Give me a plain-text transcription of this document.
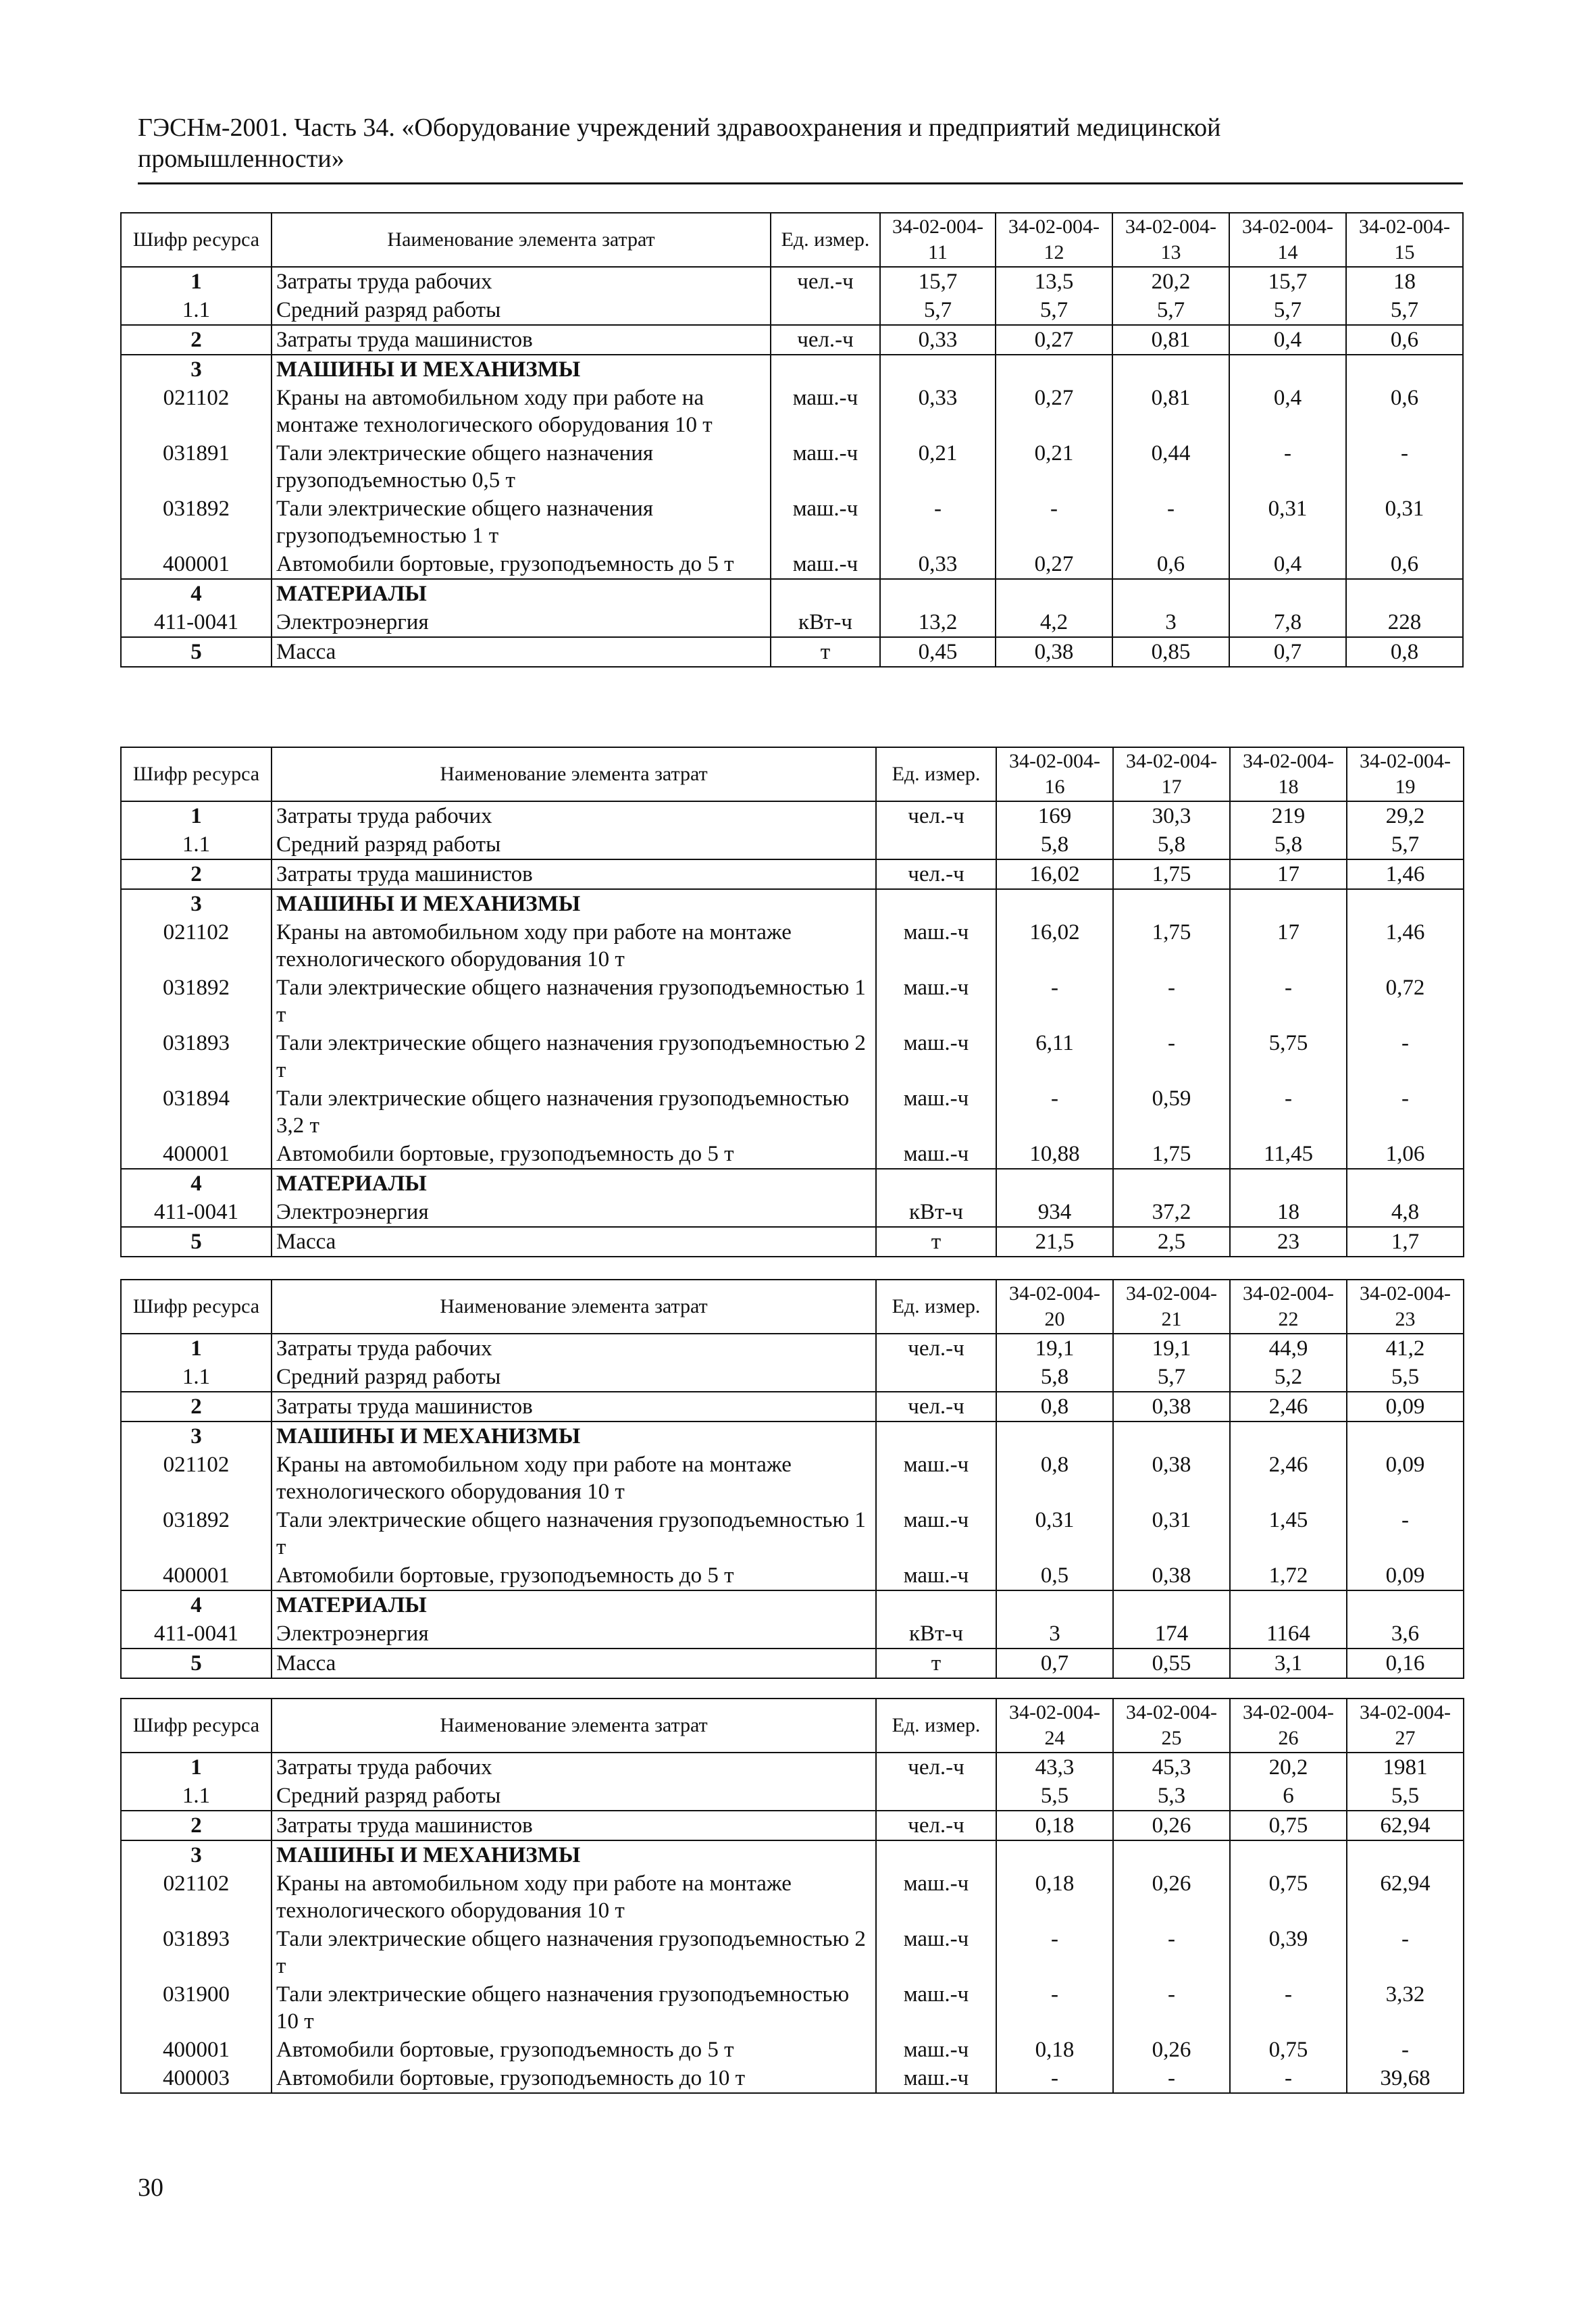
ГЭСНм-2001. Часть 34. «Оборудование учреждений здравоохранения и предприятий медицинской
промышленности»
Шифр ресурса	Наименование элемента затрат	Ед. измер.	34-02-004-11	34-02-004-12	34-02-004-13	34-02-004-14	34-02-004-15
1	Затраты труда рабочих	чел.-ч	15,7	13,5	20,2	15,7	18
1.1	Средний разряд работы		5,7	5,7	5,7	5,7	5,7
2	Затраты труда машинистов	чел.-ч	0,33	0,27	0,81	0,4	0,6
3	МАШИНЫ И МЕХАНИЗМЫ						
021102	Краны на автомобильном ходу при работе на монтаже технологического оборудования 10 т	маш.-ч	0,33	0,27	0,81	0,4	0,6
031891	Тали электрические общего назначения грузоподъемностью 0,5 т	маш.-ч	0,21	0,21	0,44	-	-
031892	Тали электрические общего назначения грузоподъемностью 1 т	маш.-ч	-	-	-	0,31	0,31
400001	Автомобили бортовые, грузоподъемность до 5 т	маш.-ч	0,33	0,27	0,6	0,4	0,6
4	МАТЕРИАЛЫ						
411-0041	Электроэнергия	кВт-ч	13,2	4,2	3	7,8	228
5	Масса	т	0,45	0,38	0,85	0,7	0,8
Шифр ресурса	Наименование элемента затрат	Ед. измер.	34-02-004-16	34-02-004-17	34-02-004-18	34-02-004-19
1	Затраты труда рабочих	чел.-ч	169	30,3	219	29,2
1.1	Средний разряд работы		5,8	5,8	5,8	5,7
2	Затраты труда машинистов	чел.-ч	16,02	1,75	17	1,46
3	МАШИНЫ И МЕХАНИЗМЫ					
021102	Краны на автомобильном ходу при работе на монтаже технологического оборудования 10 т	маш.-ч	16,02	1,75	17	1,46
031892	Тали электрические общего назначения грузоподъемностью 1 т	маш.-ч	-	-	-	0,72
031893	Тали электрические общего назначения грузоподъемностью 2 т	маш.-ч	6,11	-	5,75	-
031894	Тали электрические общего назначения грузоподъемностью 3,2 т	маш.-ч	-	0,59	-	-
400001	Автомобили бортовые, грузоподъемность до 5 т	маш.-ч	10,88	1,75	11,45	1,06
4	МАТЕРИАЛЫ					
411-0041	Электроэнергия	кВт-ч	934	37,2	18	4,8
5	Масса	т	21,5	2,5	23	1,7
Шифр ресурса	Наименование элемента затрат	Ед. измер.	34-02-004-20	34-02-004-21	34-02-004-22	34-02-004-23
1	Затраты труда рабочих	чел.-ч	19,1	19,1	44,9	41,2
1.1	Средний разряд работы		5,8	5,7	5,2	5,5
2	Затраты труда машинистов	чел.-ч	0,8	0,38	2,46	0,09
3	МАШИНЫ И МЕХАНИЗМЫ					
021102	Краны на автомобильном ходу при работе на монтаже технологического оборудования 10 т	маш.-ч	0,8	0,38	2,46	0,09
031892	Тали электрические общего назначения грузоподъемностью 1 т	маш.-ч	0,31	0,31	1,45	-
400001	Автомобили бортовые, грузоподъемность до 5 т	маш.-ч	0,5	0,38	1,72	0,09
4	МАТЕРИАЛЫ					
411-0041	Электроэнергия	кВт-ч	3	174	1164	3,6
5	Масса	т	0,7	0,55	3,1	0,16
Шифр ресурса	Наименование элемента затрат	Ед. измер.	34-02-004-24	34-02-004-25	34-02-004-26	34-02-004-27
1	Затраты труда рабочих	чел.-ч	43,3	45,3	20,2	1981
1.1	Средний разряд работы		5,5	5,3	6	5,5
2	Затраты труда машинистов	чел.-ч	0,18	0,26	0,75	62,94
3	МАШИНЫ И МЕХАНИЗМЫ					
021102	Краны на автомобильном ходу при работе на монтаже технологического оборудования 10 т	маш.-ч	0,18	0,26	0,75	62,94
031893	Тали электрические общего назначения грузоподъемностью 2 т	маш.-ч	-	-	0,39	-
031900	Тали электрические общего назначения грузоподъемностью 10 т	маш.-ч	-	-	-	3,32
400001	Автомобили бортовые, грузоподъемность до 5 т	маш.-ч	0,18	0,26	0,75	-
400003	Автомобили бортовые, грузоподъемность до 10 т	маш.-ч	-	-	-	39,68
30
